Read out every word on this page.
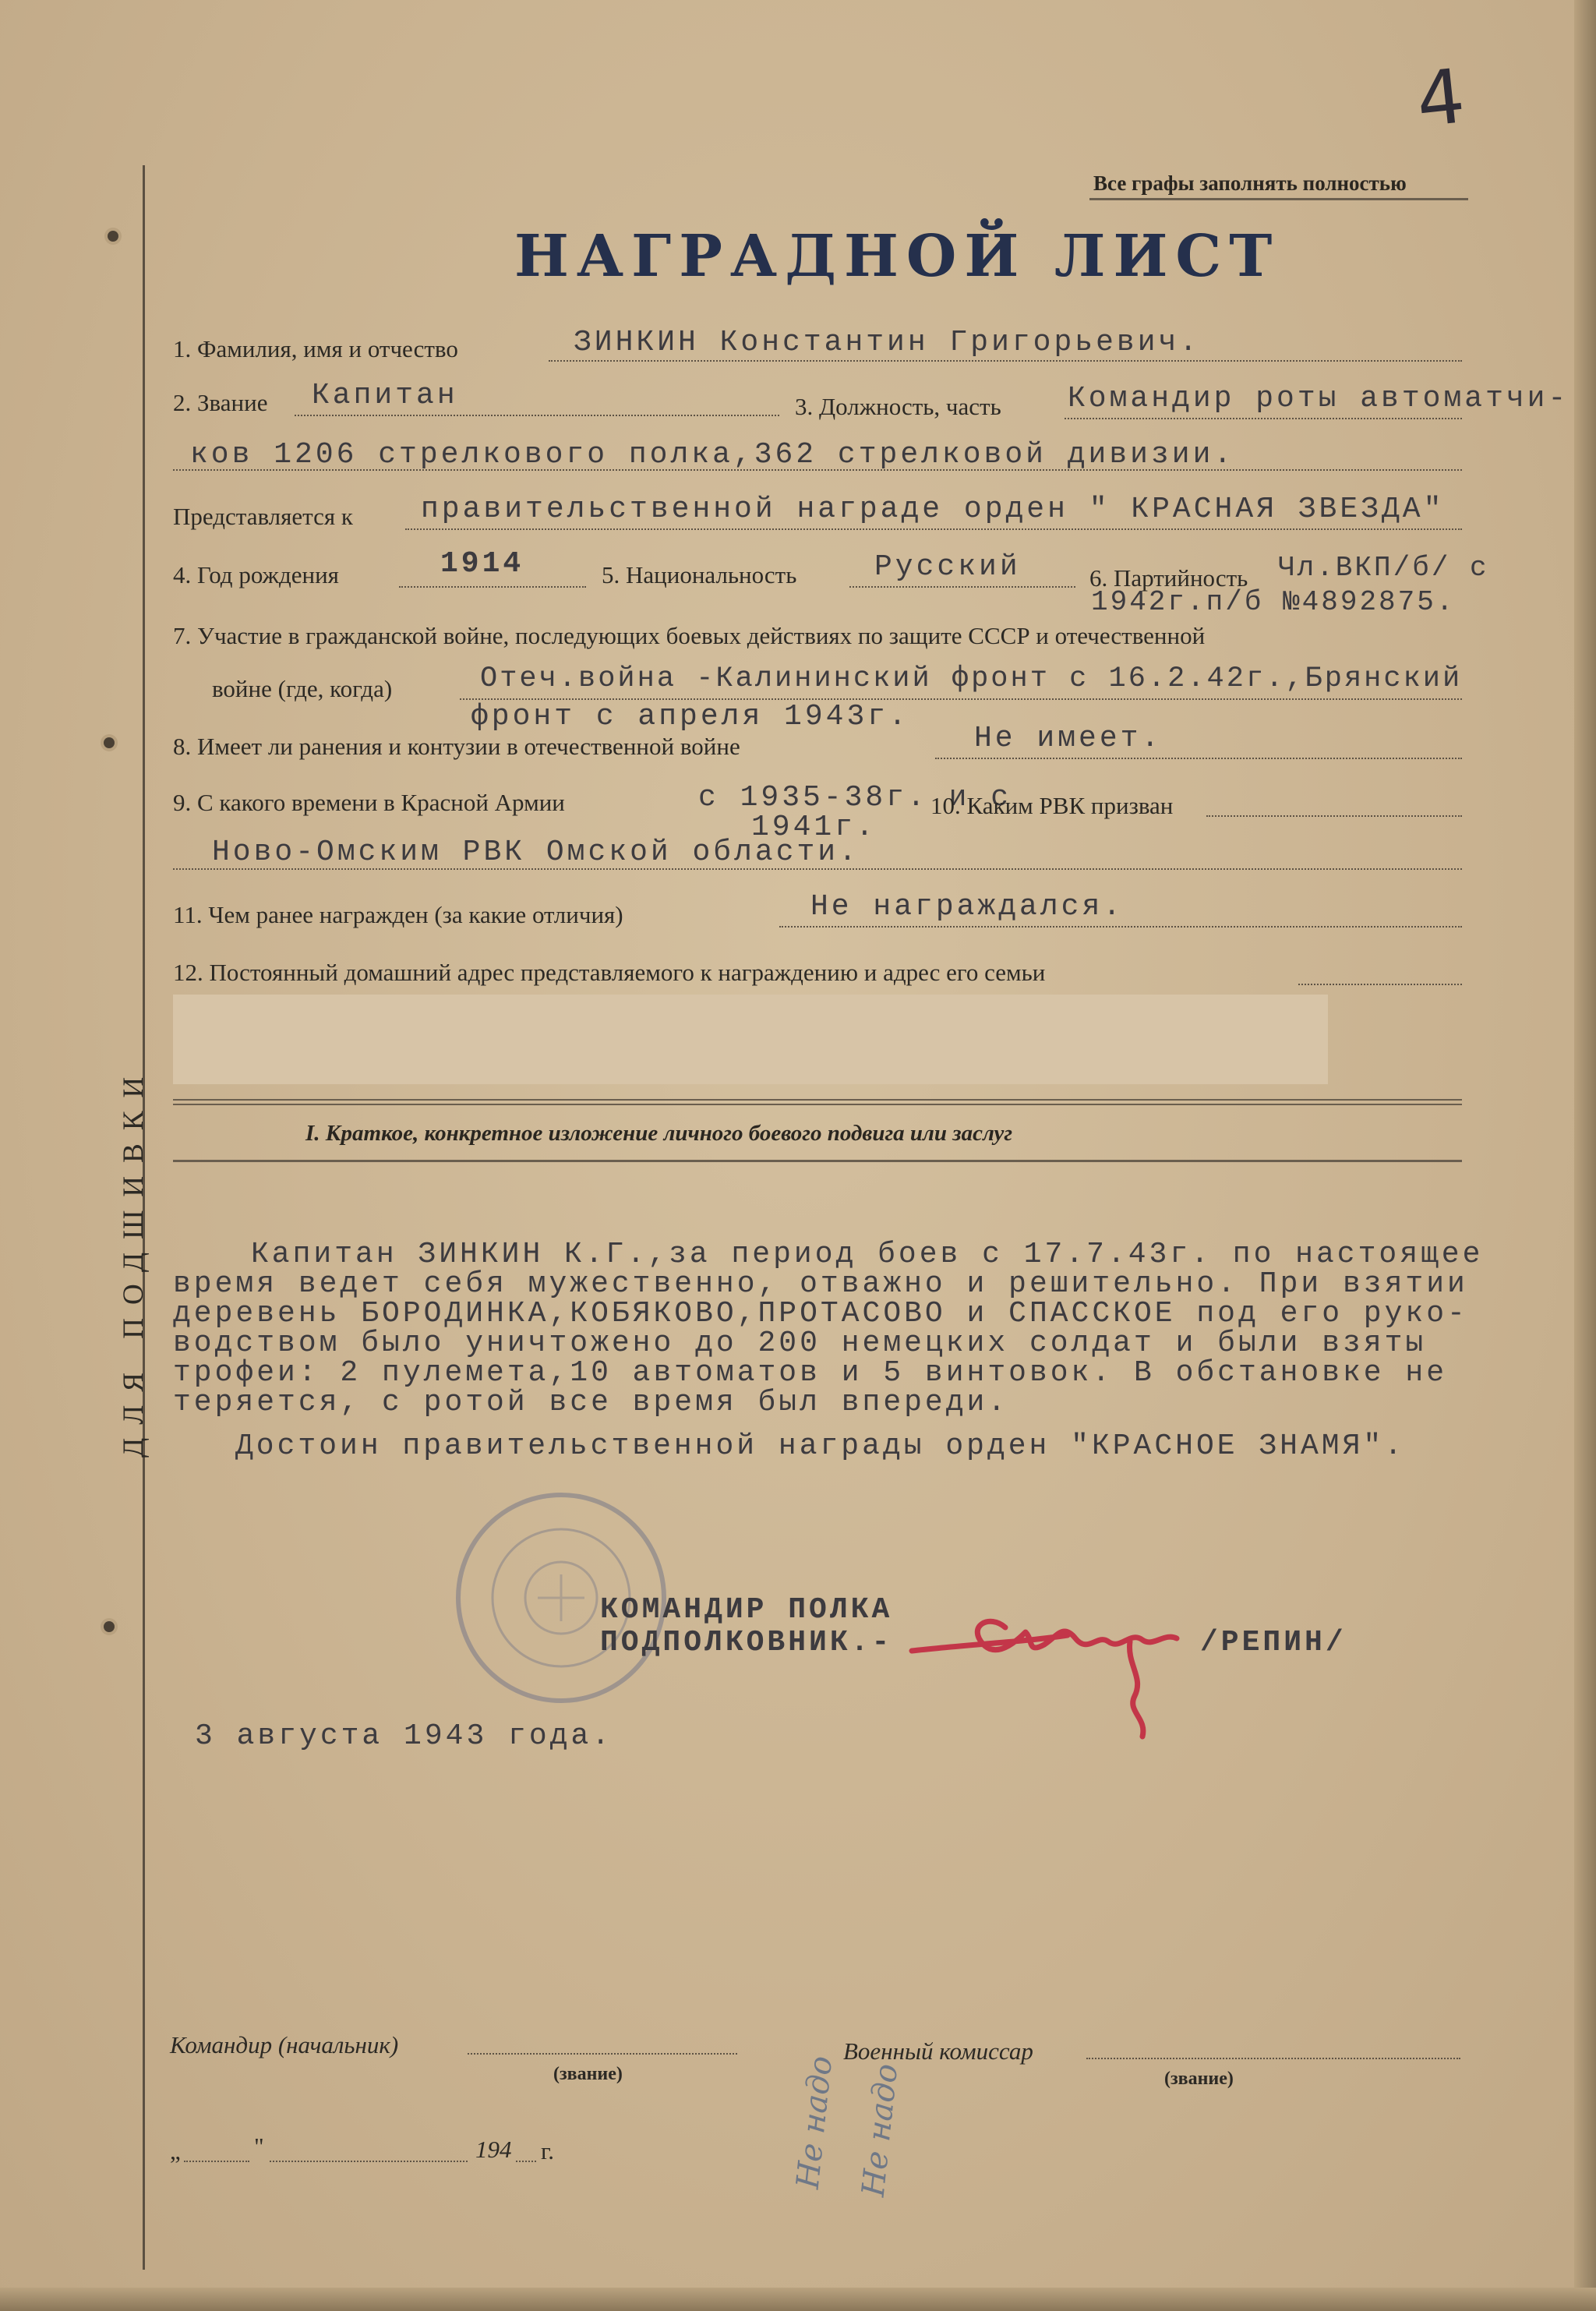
ДЛЯ ПОДШИВКИ
4
Все графы заполнять полностью
НАГРАДНОЙ ЛИСТ
1. Фамилия, имя и отчество	ЗИНКИН Константин Григорьевич.
2. Звание Капитан	3. Должность, часть Командир роты автоматчи-
ков 1206 стрелкового полка,362 стрелковой дивизии.
Представляется к правительственной награде орден " КРАСНАЯ ЗВЕЗДА"
4. Год рождения	1914	5. Национальность	Русский	6. Партийность Чл.ВКП/б/ с
1942г.п/б №4892875.
7. Участие в гражданской войне, последующих боевых действиях по защите СССР и отечественной
войне (где, когда)	Отеч.война -Калининский фронт с 16.2.42г.,Брянский
фронт с апреля 1943г.
8. Имеет ли ранения и контузии в отечественной войне	Не имеет.
9. С какого времени в Красной Армии	с 1935-38г. и с
1941г.
10. Каким РВК призван
Ново-Омским РВК Омской области.
11. Чем ранее награжден (за какие отличия)	Не награждался.
12. Постоянный домашний адрес представляемого к награждению и адрес его семьи
I. Краткое, конкретное изложение личного боевого подвига или заслуг
Капитан ЗИНКИН К.Г.,за период боев с 17.7.43г. по настоящее
время ведет себя мужественно, отважно и решительно. При взятии
деревень БОРОДИНКА,КОБЯКОВО,ПРОТАСОВО и СПАССКОЕ под его руко-
водством было уничтожено до 200 немецких солдат и были взяты
трофеи: 2 пулемета,10 автоматов и 5 винтовок. В обстановке не
теряется, с ротой все время был впереди.
Достоин правительственной награды орден "КРАСНОЕ ЗНАМЯ".
КОМАНДИР ПОЛКА
ПОДПОЛКОВНИК.-	/РЕПИН/
3 августа 1943 года.
Командир (начальник)
(звание)
Военный комиссар
(звание)
„	"	194 г.	Не надо Не надо
